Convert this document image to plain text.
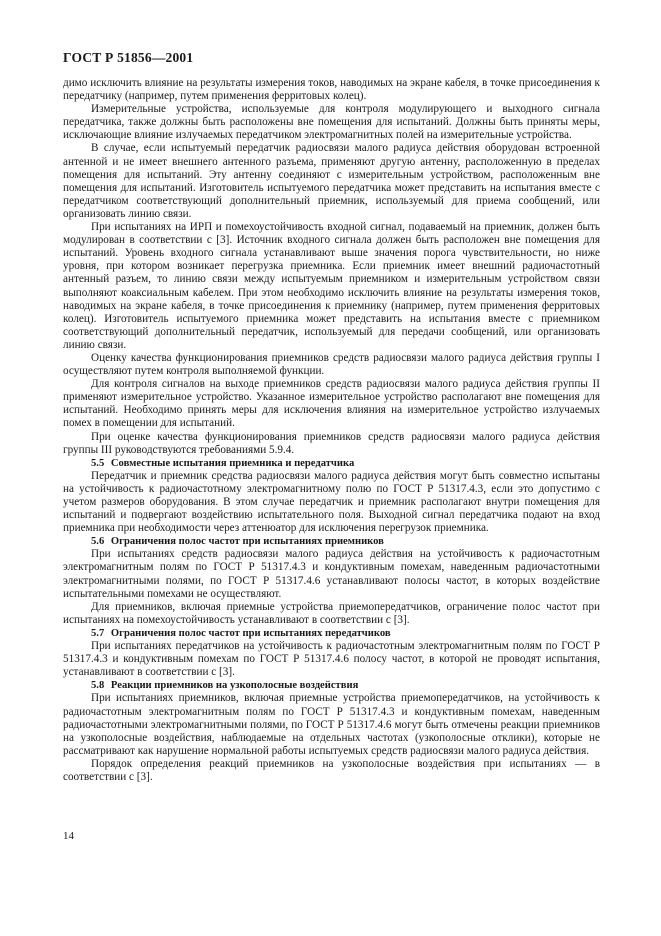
ГОСТ Р 51856—2001

димо исключить влияние на результаты измерения токов, наводимых на экране кабеля, в точке присоединения к передатчику (например, путем применения ферритовых колец).

Измерительные устройства, используемые для контроля модулирующего и выходного сигнала передатчика, также должны быть расположены вне помещения для испытаний. Должны быть приняты меры, исключающие влияние излучаемых передатчиком электромагнитных полей на измерительные устройства.

В случае, если испытуемый передатчик радиосвязи малого радиуса действия оборудован встроенной антенной и не имеет внешнего антенного разъема, применяют другую антенну, расположенную в пределах помещения для испытаний. Эту антенну соединяют с измерительным устройством, расположенным вне помещения для испытаний. Изготовитель испытуемого передатчика может представить на испытания вместе с передатчиком соответствующий дополнительный приемник, используемый для приема сообщений, или организовать линию связи.

При испытаниях на ИРП и помехоустойчивость входной сигнал, подаваемый на приемник, должен быть модулирован в соответствии с [3]. Источник входного сигнала должен быть расположен вне помещения для испытаний. Уровень входного сигнала устанавливают выше значения порога чувствительности, но ниже уровня, при котором возникает перегрузка приемника. Если приемник имеет внешний радиочастотный антенный разъем, то линию связи между испытуемым приемником и измерительным устройством связи выполняют коаксиальным кабелем. При этом необходимо исключить влияние на результаты измерения токов, наводимых на экране кабеля, в точке присоединения к приемнику (например, путем применения ферритовых колец). Изготовитель испытуемого приемника может представить на испытания вместе с приемником соответствующий дополнительный передатчик, используемый для передачи сообщений, или организовать линию связи.

Оценку качества функционирования приемников средств радиосвязи малого радиуса действия группы I осуществляют путем контроля выполняемой функции.

Для контроля сигналов на выходе приемников средств радиосвязи малого радиуса действия группы II применяют измерительное устройство. Указанное измерительное устройство располагают вне помещения для испытаний. Необходимо принять меры для исключения влияния на измерительное устройство излучаемых помех в помещении для испытаний.

При оценке качества функционирования приемников средств радиосвязи малого радиуса действия группы III руководствуются требованиями 5.9.4.

5.5 Совместные испытания приемника и передатчика

Передатчик и приемник средства радиосвязи малого радиуса действия могут быть совместно испытаны на устойчивость к радиочастотному электромагнитному полю по ГОСТ Р 51317.4.3, если это допустимо с учетом размеров оборудования. В этом случае передатчик и приемник располагают внутри помещения для испытаний и подвергают воздействию испытательного поля. Выходной сигнал передатчика подают на вход приемника при необходимости через аттенюатор для исключения перегрузок приемника.

5.6 Ограничения полос частот при испытаниях приемников

При испытаниях средств радиосвязи малого радиуса действия на устойчивость к радиочастотным электромагнитным полям по ГОСТ Р 51317.4.3 и кондуктивным помехам, наведенным радиочастотными электромагнитными полями, по ГОСТ Р 51317.4.6 устанавливают полосы частот, в которых воздействие испытательными помехами не осуществляют.

Для приемников, включая приемные устройства приемопередатчиков, ограничение полос частот при испытаниях на помехоустойчивость устанавливают в соответствии с [3].

5.7 Ограничения полос частот при испытаниях передатчиков

При испытаниях передатчиков на устойчивость к радиочастотным электромагнитным полям по ГОСТ Р 51317.4.3 и кондуктивным помехам по ГОСТ Р 51317.4.6 полосу частот, в которой не проводят испытания, устанавливают в соответствии с [3].

5.8 Реакции приемников на узкополосные воздействия

При испытаниях приемников, включая приемные устройства приемопередатчиков, на устойчивость к радиочастотным электромагнитным полям по ГОСТ Р 51317.4.3 и кондуктивным помехам, наведенным радиочастотными электромагнитными полями, по ГОСТ Р 51317.4.6 могут быть отмечены реакции приемников на узкополосные воздействия, наблюдаемые на отдельных частотах (узкополосные отклики), которые не рассматривают как нарушение нормальной работы испытуемых средств радиосвязи малого радиуса действия.

Порядок определения реакций приемников на узкополосные воздействия при испытаниях — в соответствии с [3].

14
